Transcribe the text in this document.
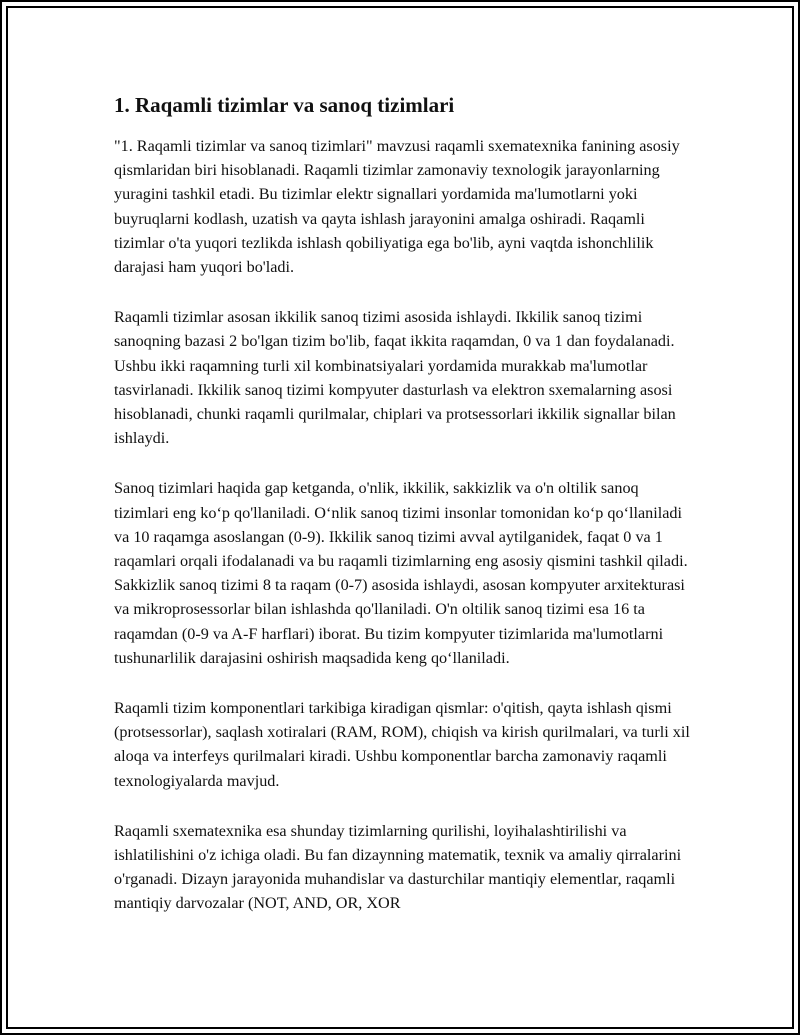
1. Raqamli tizimlar va sanoq tizimlari

"1. Raqamli tizimlar va sanoq tizimlari" mavzusi raqamli sxematexnika fanining asosiy qismlaridan biri hisoblanadi. Raqamli tizimlar zamonaviy texnologik jarayonlarning yuragini tashkil etadi. Bu tizimlar elektr signallari yordamida ma'lumotlarni yoki buyruqlarni kodlash, uzatish va qayta ishlash jarayonini amalga oshiradi. Raqamli tizimlar o'ta yuqori tezlikda ishlash qobiliyatiga ega bo'lib, ayni vaqtda ishonchlilik darajasi ham yuqori bo'ladi.

Raqamli tizimlar asosan ikkilik sanoq tizimi asosida ishlaydi. Ikkilik sanoq tizimi sanoqning bazasi 2 bo'lgan tizim bo'lib, faqat ikkita raqamdan, 0 va 1 dan foydalanadi. Ushbu ikki raqamning turli xil kombinatsiyalari yordamida murakkab ma'lumotlar tasvirlanadi. Ikkilik sanoq tizimi kompyuter dasturlash va elektron sxemalarning asosi hisoblanadi, chunki raqamli qurilmalar, chiplari va protsessorlari ikkilik signallar bilan ishlaydi.

Sanoq tizimlari haqida gap ketganda, o'nlik, ikkilik, sakkizlik va o'n oltilik sanoq tizimlari eng koʻp qo'llaniladi. Oʻnlik sanoq tizimi insonlar tomonidan koʻp qoʻllaniladi va 10 raqamga asoslangan (0-9). Ikkilik sanoq tizimi avval aytilganidek, faqat 0 va 1 raqamlari orqali ifodalanadi va bu raqamli tizimlarning eng asosiy qismini tashkil qiladi. Sakkizlik sanoq tizimi 8 ta raqam (0-7) asosida ishlaydi, asosan kompyuter arxitekturasi va mikroprosessorlar bilan ishlashda qo'llaniladi. O'n oltilik sanoq tizimi esa 16 ta raqamdan (0-9 va A-F harflari) iborat. Bu tizim kompyuter tizimlarida ma'lumotlarni tushunarlilik darajasini oshirish maqsadida keng qoʻllaniladi.

Raqamli tizim komponentlari tarkibiga kiradigan qismlar: o'qitish, qayta ishlash qismi (protsessorlar), saqlash xotiralari (RAM, ROM), chiqish va kirish qurilmalari, va turli xil aloqa va interfeys qurilmalari kiradi. Ushbu komponentlar barcha zamonaviy raqamli texnologiyalarda mavjud.

Raqamli sxematexnika esa shunday tizimlarning qurilishi, loyihalashtirilishi va ishlatilishini o'z ichiga oladi. Bu fan dizaynning matematik, texnik va amaliy qirralarini o'rganadi. Dizayn jarayonida muhandislar va dasturchilar mantiqiy elementlar, raqamli mantiqiy darvozalar (NOT, AND, OR, XOR
